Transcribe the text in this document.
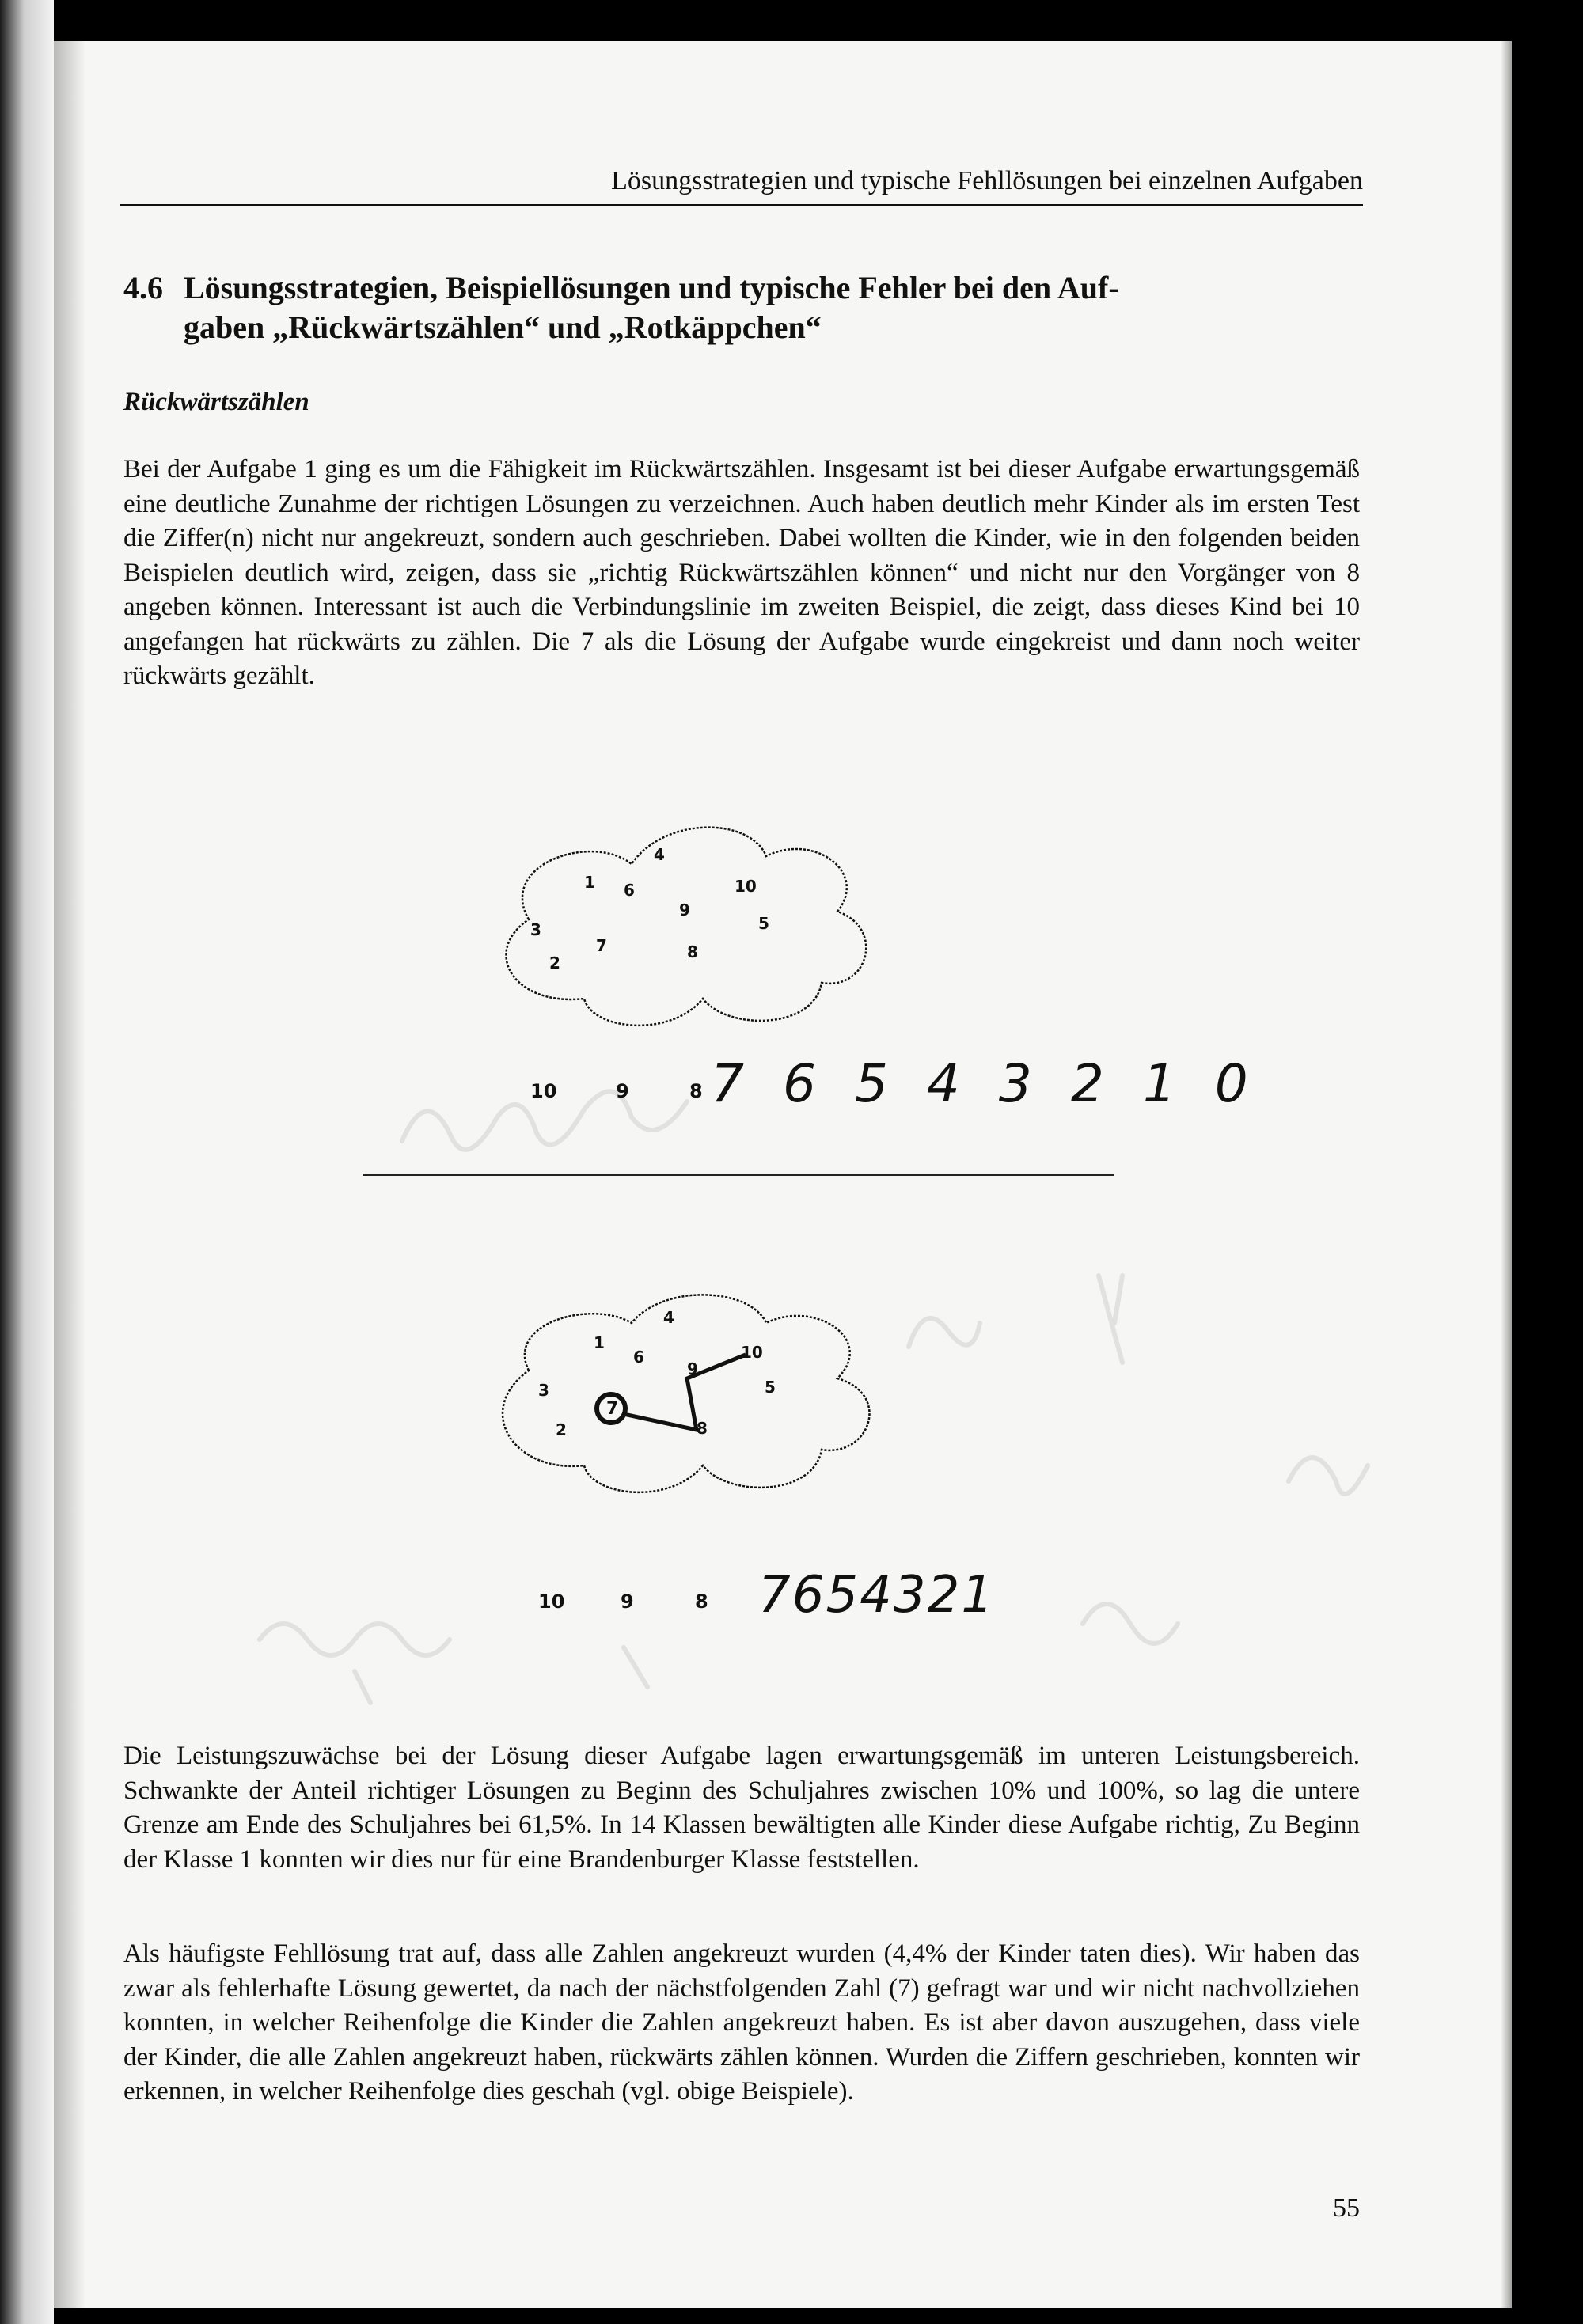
Lösungsstrategien und typische Fehllösungen bei einzelnen Aufgaben
4.6 Lösungsstrategien, Beispiellösungen und typische Fehler bei den Auf-
gaben „Rückwärtszählen“ und „Rotkäppchen“
Rückwärtszählen

Bei der Aufgabe 1 ging es um die Fähigkeit im Rückwärtszählen. Insgesamt ist bei dieser Aufgabe erwartungsgemäß eine deutliche Zunahme der richtigen Lösungen zu verzeichnen. Auch haben deutlich mehr Kinder als im ersten Test die Ziffer(n) nicht nur angekreuzt, sondern auch geschrieben. Dabei wollten die Kinder, wie in den folgenden beiden Beispielen deutlich wird, zeigen, dass sie „richtig Rückwärtszählen können“ und nicht nur den Vorgänger von 8 angeben können. Interessant ist auch die Verbindungslinie im zweiten Beispiel, die zeigt, dass dieses Kind bei 10 angefangen hat rückwärts zu zählen. Die 7 als die Lösung der Aufgabe wurde eingekreist und dann noch weiter rückwärts gezählt.

4
1 6	10
9
3	5
7	8
2
10	9	8 7 6 5 4 3 2 1 0
4
1
6	10
9
3	5
7
8
2
10	9	8 7654321

Die Leistungszuwächse bei der Lösung dieser Aufgabe lagen erwartungsgemäß im unteren Leistungsbereich. Schwankte der Anteil richtiger Lösungen zu Beginn des Schuljahres zwischen 10% und 100%, so lag die untere Grenze am Ende des Schuljahres bei 61,5%. In 14 Klassen bewältigten alle Kinder diese Aufgabe richtig, Zu Beginn der Klasse 1 konnten wir dies nur für eine Brandenburger Klasse feststellen.

Als häufigste Fehllösung trat auf, dass alle Zahlen angekreuzt wurden (4,4% der Kinder taten dies). Wir haben das zwar als fehlerhafte Lösung gewertet, da nach der nächstfolgenden Zahl (7) gefragt war und wir nicht nachvollziehen konnten, in welcher Reihenfolge die Kinder die Zahlen angekreuzt haben. Es ist aber davon auszugehen, dass viele der Kinder, die alle Zahlen angekreuzt haben, rückwärts zählen können. Wurden die Ziffern geschrieben, konnten wir erkennen, in welcher Reihenfolge dies geschah (vgl. obige Beispiele).

55
